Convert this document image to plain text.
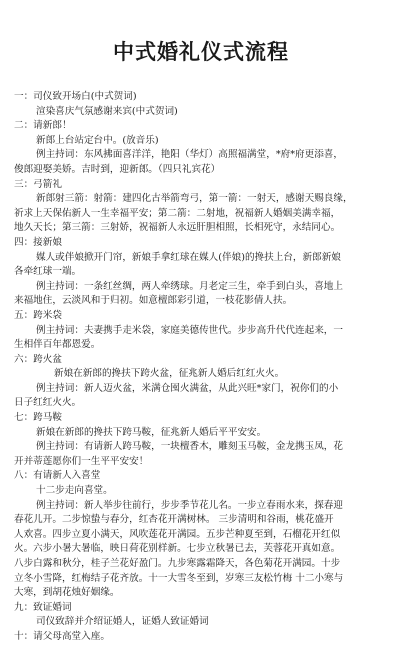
中式婚礼仪式流程
一：司仪致开场白(中式贺词)
渲染喜庆气氛感谢来宾(中式贺词)
二：请新郎！
新郎上台站定台中。(放音乐)
例主持词：东风拂面喜洋洋，艳阳（华灯）高照福满堂，*府*府更添喜，
俊郎迎娶美娇。吉时到，迎新郎。（四只礼宾花）
三：弓箭礼
新郎射三箭：射箭：建四化古举箭弯弓，第一箭：一射天，感谢天赐良缘，
祈求上天保佑新人一生幸福平安；第二箭：二射地，祝福新人婚姻美满幸福，
地久天长；第三箭：三射娇，祝福新人永远肝胆相照，长相死守，永结同心。
四：接新娘
媒人或伴娘掀开门帘，新娘手拿红球在媒人(伴娘)的搀扶上台，新郎新娘
各牵红球一端。
例主持词：一条红丝绸，两人牵绣球。月老定三生，牵手到白头，喜地上
来福地住，云淡风和于归初。如意檀郎彩引道，一枝花影倩人扶。
五：跨米袋
例主持词：夫妻携手走米袋，家庭美德传世代。步步高升代代连起来，一
生相伴百年都恩爱。
六：跨火盆
新娘在新郎的搀扶下跨火盆，征兆新人婚后红红火火。
例主持词：新人迈火盆，米满仓囤火满盆，从此兴旺*家门，祝你们的小
日子红红火火。
七：跨马鞍
新娘在新郎的搀扶下跨马鞍，征兆新人婚后平平安安。
例主持词：有请新人跨马鞍，一块檀香木，雕刻玉马鞍，金龙携玉凤，花
开并蒂莲愿你们一生平平安安！
八：有请新人入喜堂
十二步走向喜堂。
例主持词：新人举步往前行，步步季节花儿名。一步立春雨水来，探春迎
春花儿开。二步惊蛰与春分，红杏花开满树林。 三步清明和谷雨，桃花盛开
人欢喜。四步立夏小满天，风吹莲花开满园。五步芒种夏至到，石榴花开红似
火。六步小暑大暑临，映日荷花别样新。七步立秋暑已去，芙蓉花开真如意。
八步白露和秋分，桂子兰花好盈门。九步寒露霜降天，各色菊花开满园。十步
立冬小雪降，红梅结子花齐放。十一大雪冬至到，岁寒三友松竹梅 十二小寒与
大寒，到胡花烛好姻缘。
九：致证婚词
司仪致辞并介绍证婚人，证婚人致证婚词
十：请父母高堂入座。
